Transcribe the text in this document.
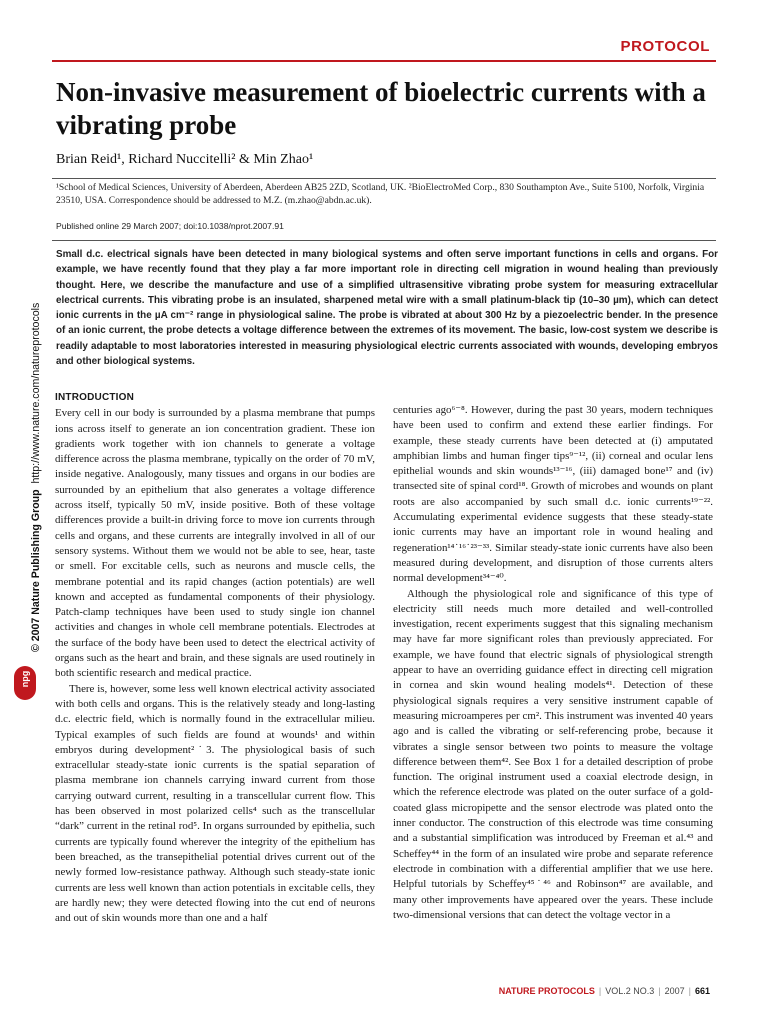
PROTOCOL
Non-invasive measurement of bioelectric currents with a vibrating probe
Brian Reid¹, Richard Nuccitelli² & Min Zhao¹
¹School of Medical Sciences, University of Aberdeen, Aberdeen AB25 2ZD, Scotland, UK. ²BioElectroMed Corp., 830 Southampton Ave., Suite 5100, Norfolk, Virginia 23510, USA. Correspondence should be addressed to M.Z. (m.zhao@abdn.ac.uk).
Published online 29 March 2007; doi:10.1038/nprot.2007.91
Small d.c. electrical signals have been detected in many biological systems and often serve important functions in cells and organs. For example, we have recently found that they play a far more important role in directing cell migration in wound healing than previously thought. Here, we describe the manufacture and use of a simplified ultrasensitive vibrating probe system for measuring extracellular electrical currents. This vibrating probe is an insulated, sharpened metal wire with a small platinum-black tip (10–30 µm), which can detect ionic currents in the µA cm⁻² range in physiological saline. The probe is vibrated at about 300 Hz by a piezoelectric bender. In the presence of an ionic current, the probe detects a voltage difference between the extremes of its movement. The basic, low-cost system we describe is readily adaptable to most laboratories interested in measuring physiological electric currents associated with wounds, developing embryos and other biological systems.
npg
© 2007 Nature Publishing Group  http://www.nature.com/natureprotocols INTRODUCTION

Every cell in our body is surrounded by a plasma membrane that pumps ions across itself to generate an ion concentration gradient. These ion gradients work together with ion channels to generate a voltage difference across the plasma membrane, typically on the order of 70 mV, inside negative. Analogously, many tissues and organs in our bodies are surrounded by an epithelium that also generates a voltage difference across itself, typically 50 mV, inside positive. Both of these voltage differences provide a built-in driving force to move ion currents through cells and organs, and these currents are integrally involved in all of our sensory systems. Without them we would not be able to see, hear, taste or smell. For excitable cells, such as neurons and muscle cells, the membrane potential and its rapid changes (action potentials) are well known and accepted as fundamental components of their physiology. Patch-clamp techniques have been used to study single ion channel activities and changes in whole cell membrane potentials. Electrodes at the surface of the body have been used to detect the electrical activity of organs such as the heart and brain, and these signals are used routinely in both scientific research and medical practice.

There is, however, some less well known electrical activity associated with both cells and organs. This is the relatively steady and long-lasting d.c. electric field, which is normally found in the extracellular milieu. Typical examples of such fields are found at wounds¹ and within embryos during development²˙3. The physiological basis of such extracellular steady-state ionic currents is the spatial separation of plasma membrane ion channels carrying inward current from those carrying outward current, resulting in a transcellular current flow. This has been observed in most polarized cells⁴ such as the transcellular “dark” current in the retinal rod⁵. In organs surrounded by epithelia, such currents are typically found wherever the integrity of the epithelium has been breached, as the transepithelial potential drives current out of the newly formed low-resistance pathway. Although such steady-state ionic currents are less well known than action potentials in excitable cells, they are hardly new; they were detected flowing into the cut end of neurons and out of skin wounds more than one and a half

centuries ago⁶⁻⁸. However, during the past 30 years, modern techniques have been used to confirm and extend these earlier findings. For example, these steady currents have been detected at (i) amputated amphibian limbs and human finger tips⁹⁻¹², (ii) corneal and ocular lens epithelial wounds and skin wounds¹³⁻¹⁶, (iii) damaged bone¹⁷ and (iv) transected site of spinal cord¹⁸. Growth of microbes and wounds on plant roots are also accompanied by such small d.c. ionic currents¹⁹⁻²². Accumulating experimental evidence suggests that these steady-state ionic currents may have an important role in wound healing and regeneration¹⁴˙¹⁶˙²³⁻³³. Similar steady-state ionic currents have also been measured during development, and disruption of those currents alters normal development³⁴⁻⁴⁰.

Although the physiological role and significance of this type of electricity still needs much more detailed and well-controlled investigation, recent experiments suggest that this signaling mechanism may have far more significant roles than previously appreciated. For example, we have found that electric signals of physiological strength appear to have an overriding guidance effect in directing cell migration in cornea and skin wound healing models⁴¹. Detection of these physiological signals requires a very sensitive instrument capable of measuring microamperes per cm². This instrument was invented 40 years ago and is called the vibrating or self-referencing probe, because it vibrates a single sensor between two points to measure the voltage difference between them⁴². See Box 1 for a detailed description of probe function. The original instrument used a coaxial electrode design, in which the reference electrode was plated on the outer surface of a gold-coated glass micropipette and the sensor electrode was plated onto the inner conductor. The construction of this electrode was time consuming and a substantial simplification was introduced by Freeman et al.⁴³ and Scheffey⁴⁴ in the form of an insulated wire probe and separate reference electrode in combination with a differential amplifier that we use here. Helpful tutorials by Scheffey⁴⁵˙⁴⁶ and Robinson⁴⁷ are available, and many other improvements have appeared over the years. These include two-dimensional versions that can detect the voltage vector in a

NATURE PROTOCOLS | VOL.2 NO.3 | 2007 | 661
